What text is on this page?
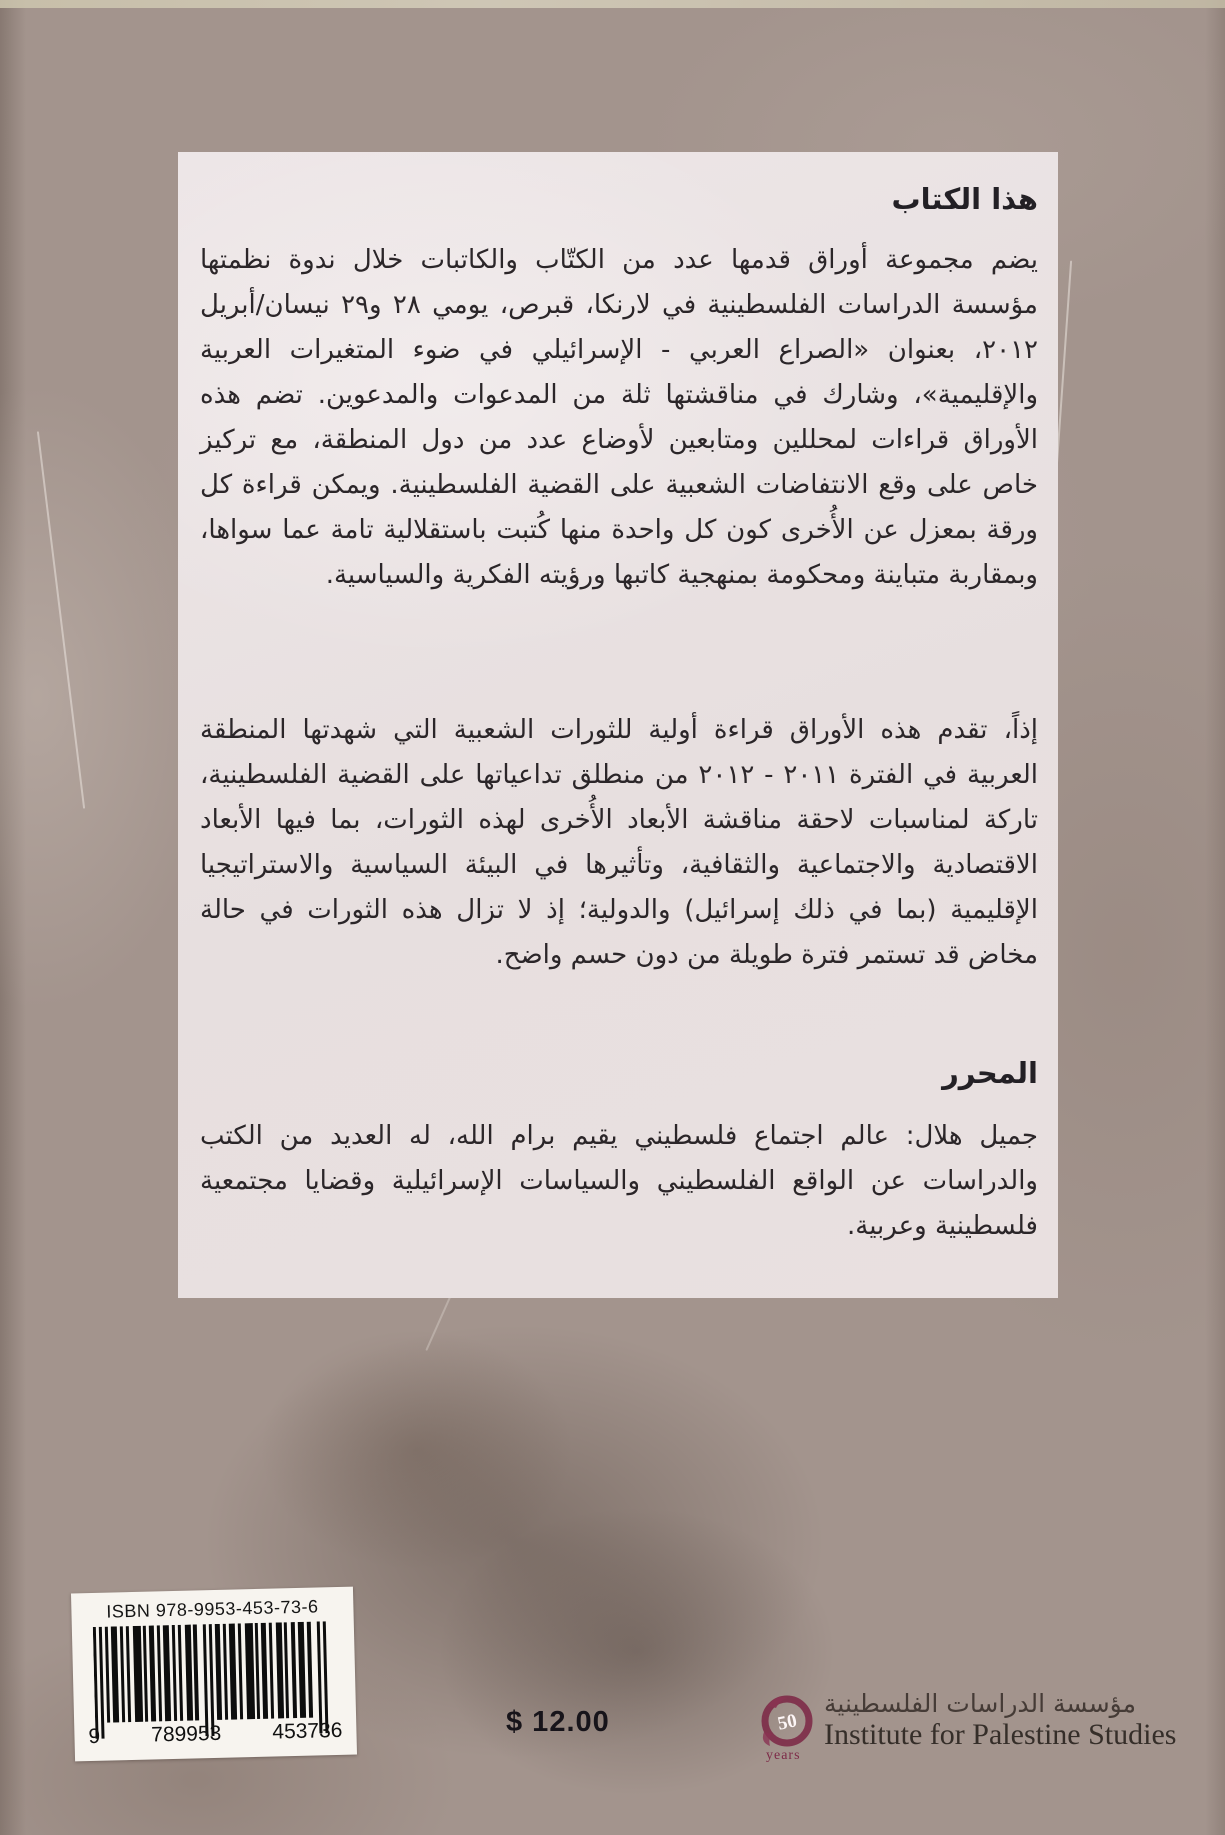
هذا الكتاب

يضم مجموعة أوراق قدمها عدد من الكتّاب والكاتبات خلال ندوة نظمتها مؤسسة الدراسات الفلسطينية في لارنكا، قبرص، يومي ٢٨ و٢٩ نيسان/أبريل ٢٠١٢، بعنوان «الصراع العربي - الإسرائيلي في ضوء المتغيرات العربية والإقليمية»، وشارك في مناقشتها ثلة من المدعوات والمدعوين. تضم هذه الأوراق قراءات لمحللين ومتابعين لأوضاع عدد من دول المنطقة، مع تركيز خاص على وقع الانتفاضات الشعبية على القضية الفلسطينية. ويمكن قراءة كل ورقة بمعزل عن الأُخرى كون كل واحدة منها كُتبت باستقلالية تامة عما سواها، وبمقاربة متباينة ومحكومة بمنهجية كاتبها ورؤيته الفكرية والسياسية.

إذاً، تقدم هذه الأوراق قراءة أولية للثورات الشعبية التي شهدتها المنطقة العربية في الفترة ٢٠١١ - ٢٠١٢ من منطلق تداعياتها على القضية الفلسطينية، تاركة لمناسبات لاحقة مناقشة الأبعاد الأُخرى لهذه الثورات، بما فيها الأبعاد الاقتصادية والاجتماعية والثقافية، وتأثيرها في البيئة السياسية والاستراتيجيا الإقليمية (بما في ذلك إسرائيل) والدولية؛ إذ لا تزال هذه الثورات في حالة مخاض قد تستمر فترة طويلة من دون حسم واضح.

المحرر

جميل هلال: عالم اجتماع فلسطيني يقيم برام الله، له العديد من الكتب والدراسات عن الواقع الفلسطيني والسياسات الإسرائيلية وقضايا مجتمعية فلسطينية وعربية.

ISBN 978-9953-453-73-6
9 789953 453736	$ 12.00	50
years
مؤسسة الدراسات الفلسطينية
Institute for Palestine Studies
